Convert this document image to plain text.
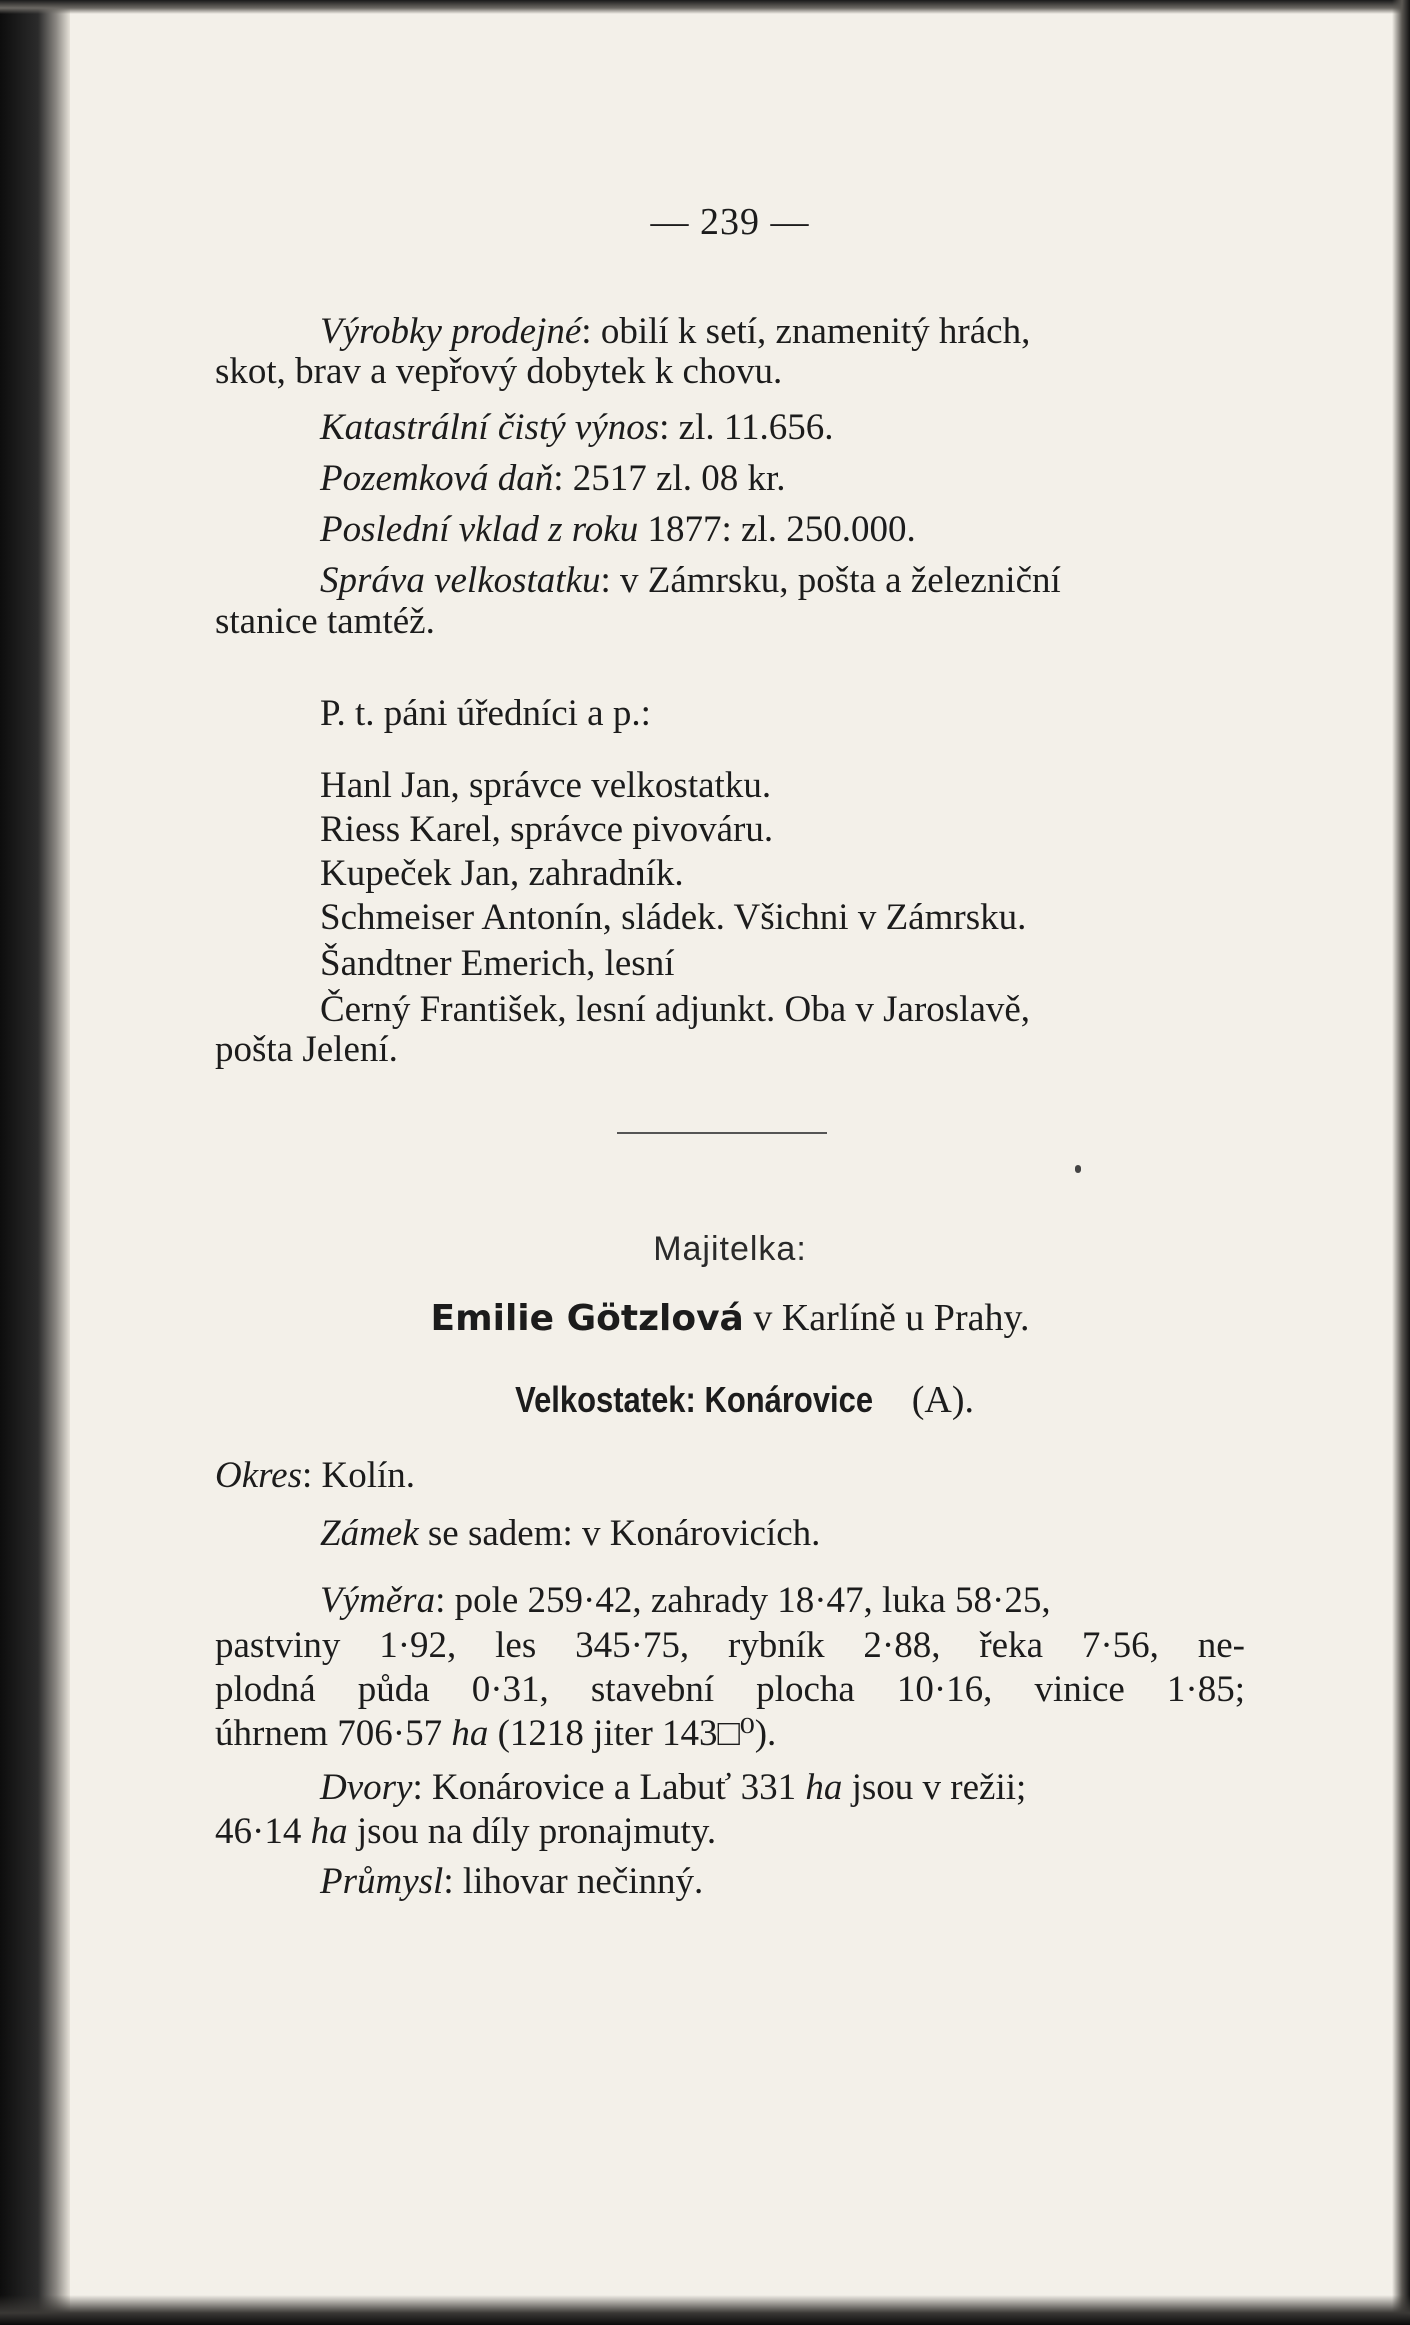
— 239 —
Výrobky prodejné: obilí k setí, znamenitý hrách,
skot, brav a vepřový dobytek k chovu.
Katastrální čistý výnos: zl. 11.656.
Pozemková daň: 2517 zl. 08 kr.
Poslední vklad z roku 1877: zl. 250.000.
Správa velkostatku: v Zámrsku, pošta a železniční
stanice tamtéž.
P. t. páni úředníci a p.:
Hanl Jan, správce velkostatku.
Riess Karel, správce pivováru.
Kupeček Jan, zahradník.
Schmeiser Antonín, sládek. Všichni v Zámrsku.
Šandtner Emerich, lesní
Černý František, lesní adjunkt. Oba v Jaroslavě,
pošta Jelení.
Majitelka:
Emilie Götzlová v Karlíně u Prahy.
Velkostatek: Konárovice (A).
Okres: Kolín.
Zámek se sadem: v Konárovicích.
Výměra: pole 259·42, zahrady 18·47, luka 58·25,
pastviny 1·92, les 345·75, rybník 2·88, řeka 7·56, ne-
plodná půda 0·31, stavební plocha 10·16, vinice 1·85;
úhrnem 706·57 ha (1218 jiter 143□⁰).
Dvory: Konárovice a Labuť 331 ha jsou v režii;
46·14 ha jsou na díly pronajmuty.
Průmysl: lihovar nečinný.
